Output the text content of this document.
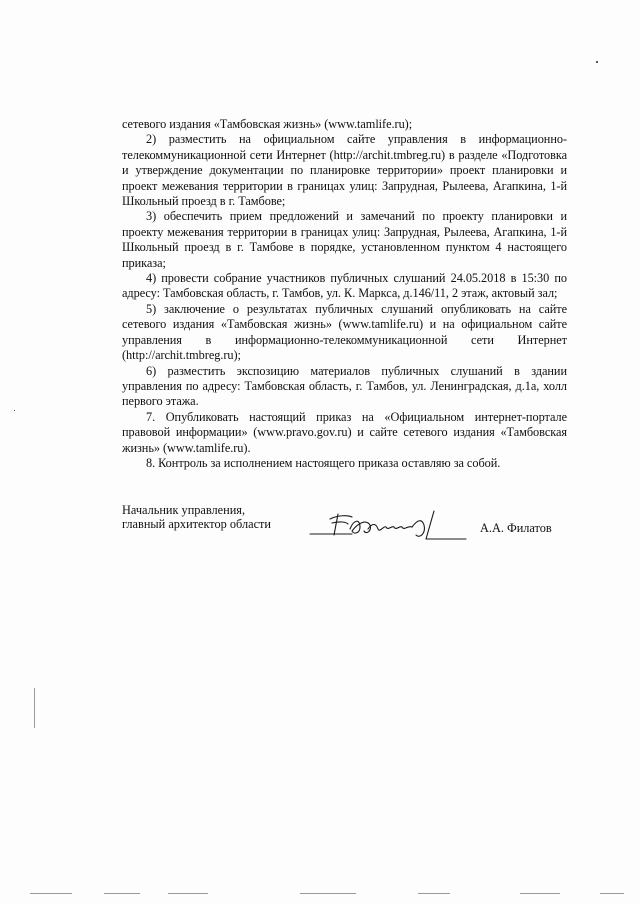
сетевого издания «Тамбовская жизнь» (www.tamlife.ru);

2) разместить на официальном сайте управления в информационно-телекоммуникационной сети Интернет (http://archit.tmbreg.ru) в разделе «Подготовка и утверждение документации по планировке территории» проект планировки и проект межевания территории в границах улиц: Запрудная, Рылеева, Агапкина, 1-й Школьный проезд в г. Тамбове;

3) обеспечить прием предложений и замечаний по проекту планировки и проекту межевания территории в границах улиц: Запрудная, Рылеева, Агапкина, 1-й Школьный проезд в г. Тамбове в порядке, установленном пунктом 4 настоящего приказа;

4) провести собрание участников публичных слушаний 24.05.2018 в 15:30 по адресу: Тамбовская область, г. Тамбов, ул. К. Маркса, д.146/11, 2 этаж, актовый зал;

5) заключение о результатах публичных слушаний опубликовать на сайте сетевого издания «Тамбовская жизнь» (www.tamlife.ru) и на официальном сайте управления в информационно-телекоммуникационной сети Интернет (http://archit.tmbreg.ru);

6) разместить экспозицию материалов публичных слушаний в здании управления по адресу: Тамбовская область, г. Тамбов, ул. Ленинградская, д.1а, холл первого этажа.

7. Опубликовать настоящий приказ на «Официальном интернет-портале правовой информации» (www.pravo.gov.ru) и сайте сетевого издания «Тамбовская жизнь» (www.tamlife.ru).

8. Контроль за исполнением настоящего приказа оставляю за собой.

Начальник управления,
главный архитектор области	А.А. Филатов
